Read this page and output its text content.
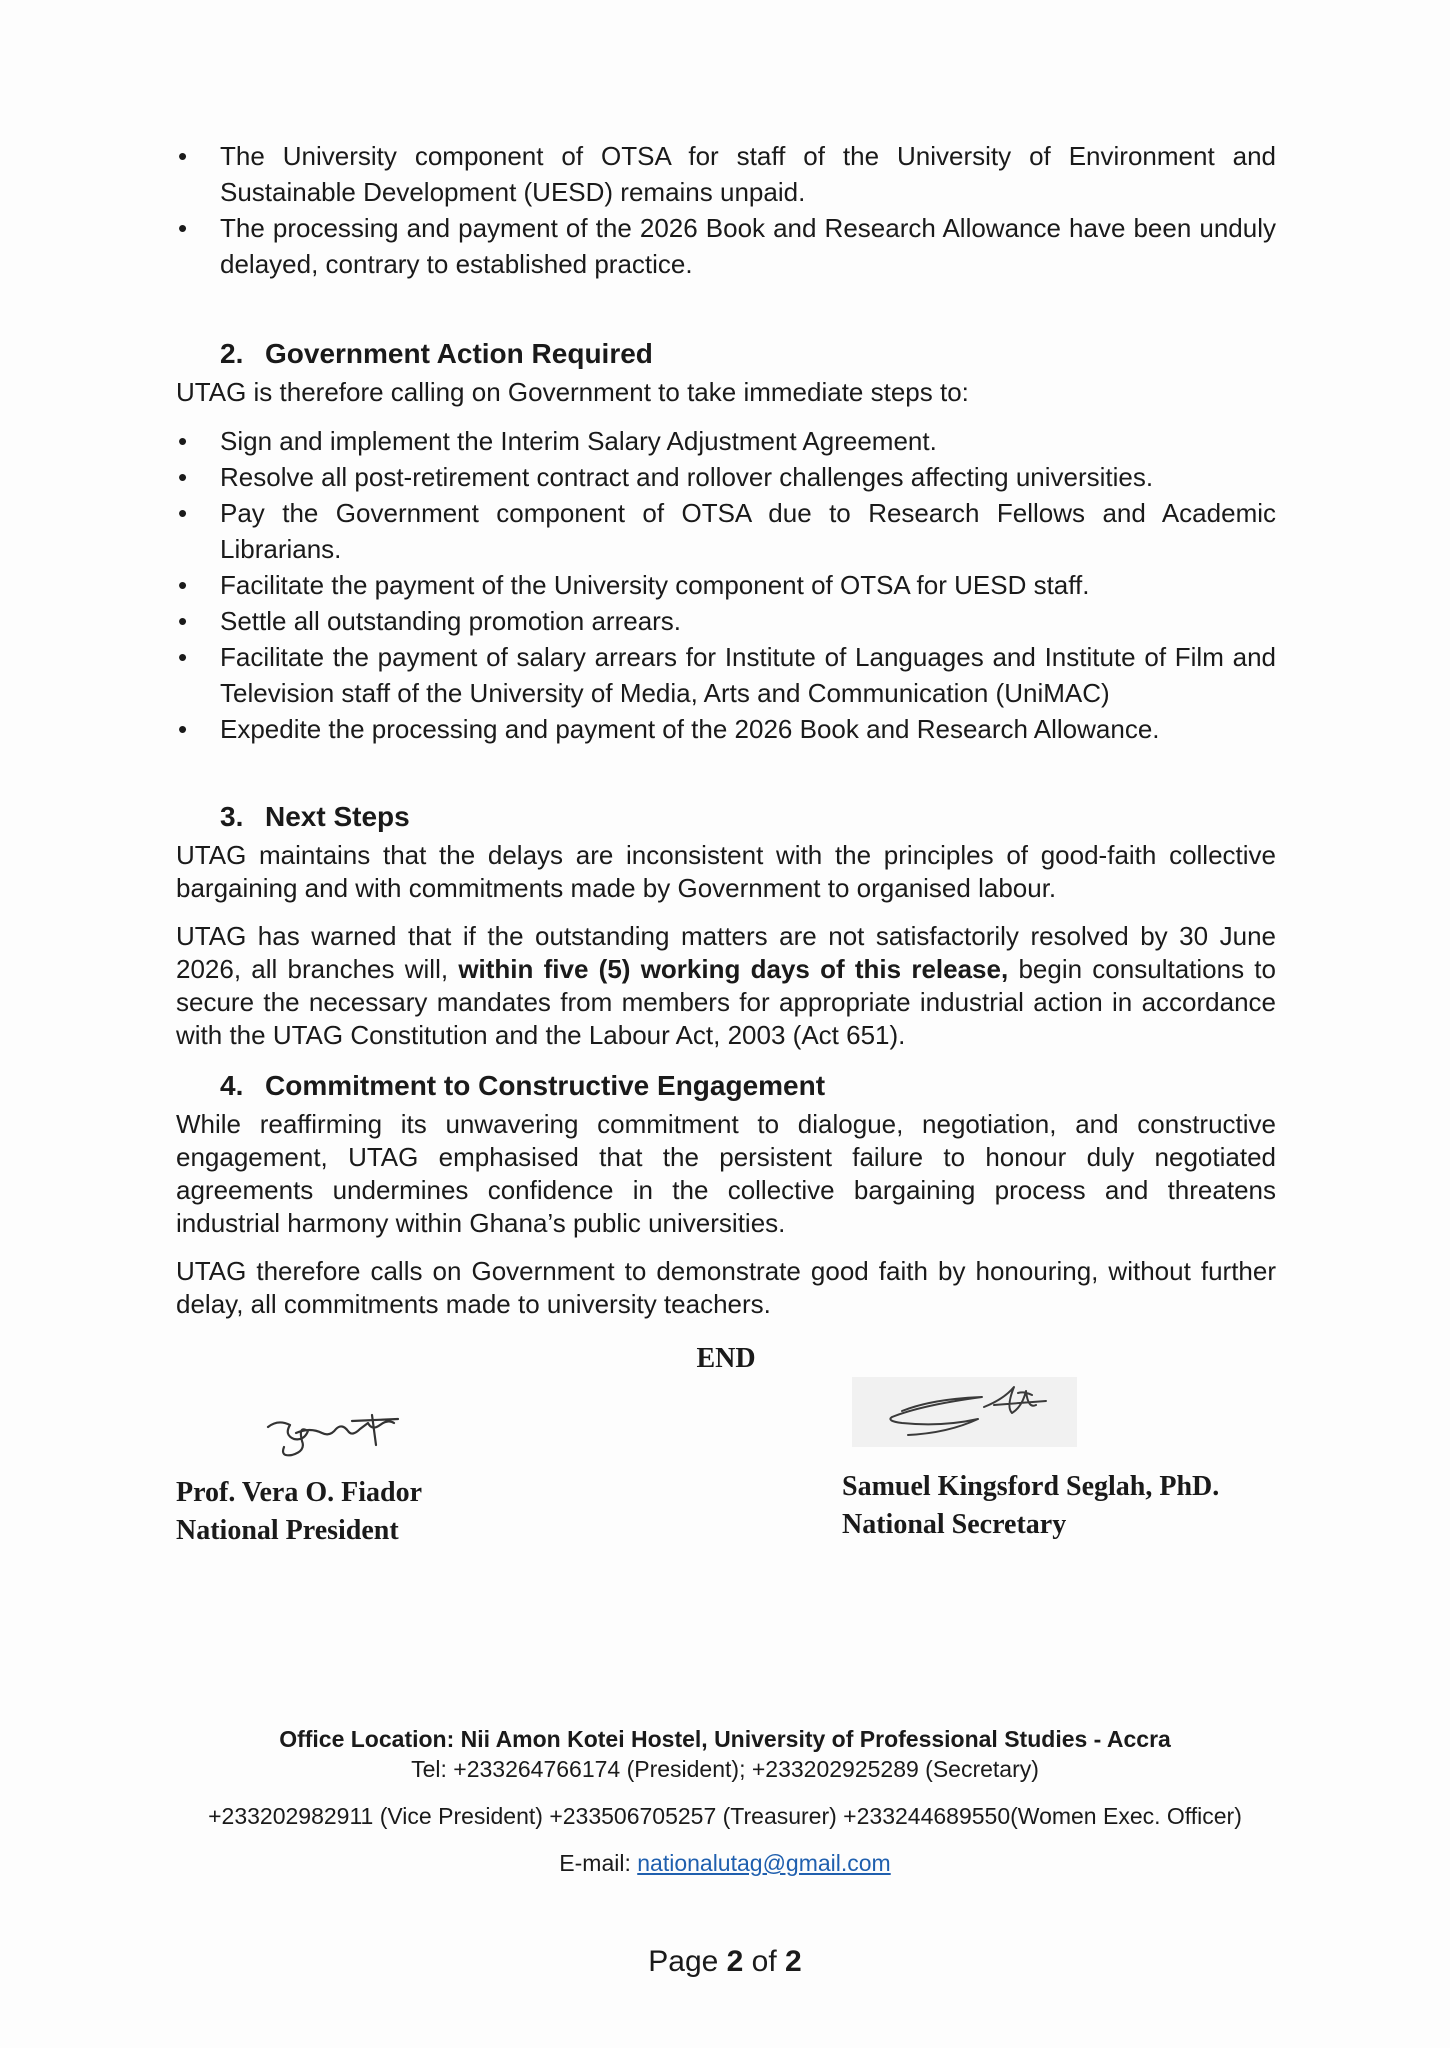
• The University component of OTSA for staff of the University of Environment and Sustainable Development (UESD) remains unpaid.
• The processing and payment of the 2026 Book and Research Allowance have been unduly delayed, contrary to established practice.
2. Government Action Required

UTAG is therefore calling on Government to take immediate steps to:

• Sign and implement the Interim Salary Adjustment Agreement.
• Resolve all post-retirement contract and rollover challenges affecting universities.
• Pay the Government component of OTSA due to Research Fellows and Academic Librarians.
• Facilitate the payment of the University component of OTSA for UESD staff.
• Settle all outstanding promotion arrears.
• Facilitate the payment of salary arrears for Institute of Languages and Institute of Film and Television staff of the University of Media, Arts and Communication (UniMAC)
• Expedite the processing and payment of the 2026 Book and Research Allowance.
3. Next Steps

UTAG maintains that the delays are inconsistent with the principles of good-faith collective bargaining and with commitments made by Government to organised labour.

UTAG has warned that if the outstanding matters are not satisfactorily resolved by 30 June 2026, all branches will, within five (5) working days of this release, begin consultations to secure the necessary mandates from members for appropriate industrial action in accordance with the UTAG Constitution and the Labour Act, 2003 (Act 651).

4. Commitment to Constructive Engagement

While reaffirming its unwavering commitment to dialogue, negotiation, and constructive engagement, UTAG emphasised that the persistent failure to honour duly negotiated agreements undermines confidence in the collective bargaining process and threatens industrial harmony within Ghana’s public universities.

UTAG therefore calls on Government to demonstrate good faith by honouring, without further delay, all commitments made to university teachers.

END

Prof. Vera O. Fiador

National President

Samuel Kingsford Seglah, PhD.

National Secretary

Office Location: Nii Amon Kotei Hostel, University of Professional Studies - Accra
Tel: +233264766174 (President); +233202925289 (Secretary)
+233202982911 (Vice President) +233506705257 (Treasurer) +233244689550(Women Exec. Officer)
E-mail: nationalutag@gmail.com
Page 2 of 2
